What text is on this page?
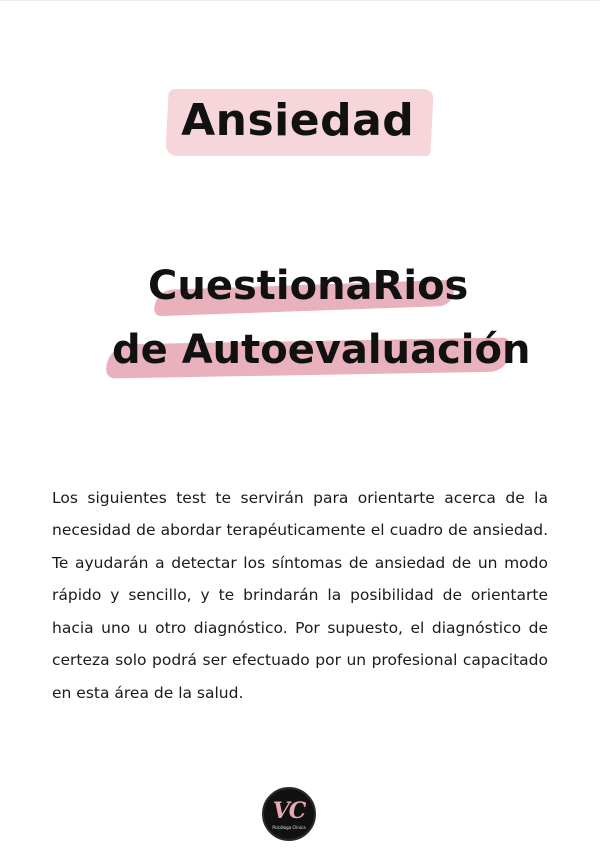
Ansiedad
CuestionaRios
de Autoevaluación

Los siguientes test te servirán para orientarte acerca de la necesidad de abordar terapéuticamente el cuadro de ansiedad. Te ayudarán a detectar los síntomas de ansiedad de un modo rápido y sencillo, y te brindarán la posibilidad de orientarte hacia uno u otro diagnóstico. Por supuesto, el diagnóstico de certeza solo podrá ser efectuado por un profesional capacitado en esta área de la salud.

VC
Psicóloga Clínica
